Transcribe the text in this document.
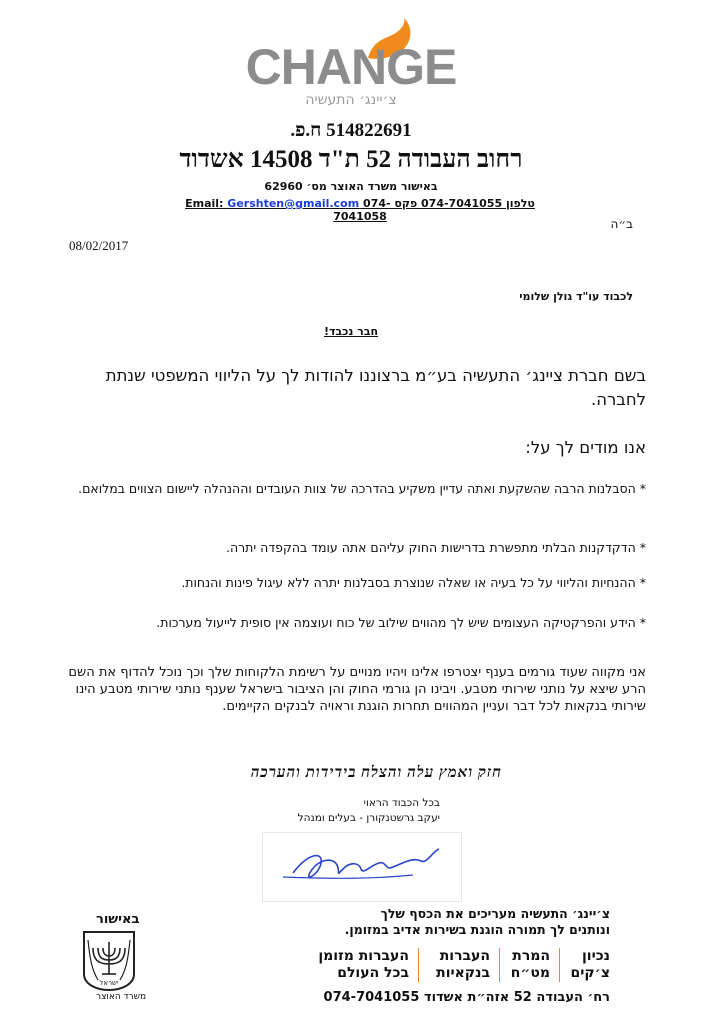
CHANGE
צ׳יינג׳ התעשיה
514822691 ח.פ.
רחוב העבודה 52 ת"ד 14508 אשדוד
באישור משרד האוצר מס׳ 62960
Email: Gershten@gmail.com טלפון 074-7041055 פקס 074-7041058
ב״ה
08/02/2017
לכבוד עו"ד גולן שלומי
חבר נכבד!
בשם חברת ציינג׳ התעשיה בע״מ ברצוננו להודות לך על הליווי המשפטי שנתת לחברה.
אנו מודים לך על:
* הסבלנות הרבה שהשקעת ואתה עדיין משקיע בהדרכה של צוות העובדים וההנהלה ליישום הצווים במלואם.
* הדקדקנות הבלתי מתפשרת בדרישות החוק עליהם אתה עומד בהקפדה יתרה.
* ההנחיות והליווי על כל בעיה או שאלה שנוצרת בסבלנות יתרה ללא עיגול פינות והנחות.
* הידע והפרקטיקה העצומים שיש לך מהווים שילוב של כוח ועוצמה אין סופית לייעול מערכות.
אני מקווה שעוד גורמים בענף יצטרפו אלינו ויהיו מנויים על רשימת הלקוחות שלך וכך נוכל להדוף את השם הרע שיצא על נותני שירותי מטבע. ויבינו הן גורמי החוק והן הציבור בישראל שענף נותני שירותי מטבע הינו שירותי בנקאות לכל דבר ועניין המהווים תחרות הוגנת וראויה לבנקים הקיימים.
חזק ואמץ עלה והצלח בידידות והערכה
בכל הכבוד הראוי
יעקב גרשטנקורן - בעלים ומנהל
צ׳יינג׳ התעשיה מעריכים את הכסף שלך
ונותנים לך תמורה הוגנת בשירות אדיב במזומן.
נכיון
צ׳קים
המרת
מט״ח
העברות
בנקאיות
העברות מזומן
בכל העולם
רח׳ העבודה 52 אזה״ת אשדוד 074-7041055
באישור
ישראל
משרד האוצר
